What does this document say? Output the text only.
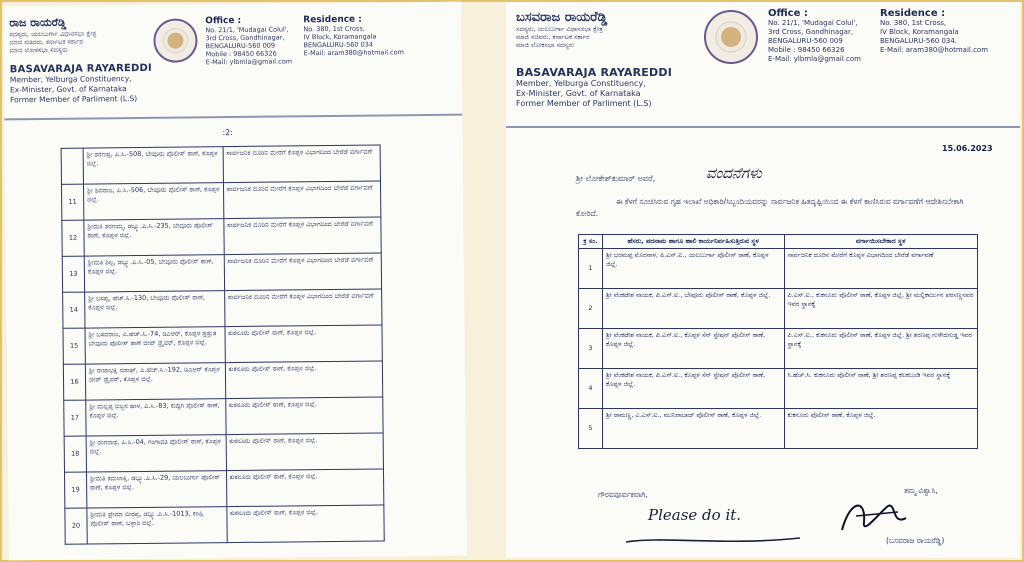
ರಾಜ ರಾಯರೆಡ್ಡಿ
ಸದಸ್ಯರು, ಯಲಬುರ್ಗಾ ವಿಧಾನಸಭಾ ಕ್ಷೇತ್ರ
ಮಾಜಿ ಸಚಿವರು, ಕರ್ನಾಟಕ ಸರ್ಕಾರ
ಮಾಜಿ ಲೋಕಸಭಾ ಸದಸ್ಯರು
BASAVARAJA RAYAREDDI
Member, Yelburga Constituency,
Ex-Minister, Govt. of Karnataka
Former Member of Parliment (L.S)
Office :
No. 21/1, 'Mudagai Colul',
3rd Cross, Gandhinagar,
BENGALURU-560 009
Mobile : 98450 66326
E-Mail: ylbmla@gmail.com
Residence :
No. 380, 1st Cross,
IV Block, Koramangala
BENGALURU-560 034
E-Mail: aram380@hotmail.com
:2:
	ಶ್ರೀ ಶರಣಪ್ಪ, ಪಿ.ಸಿ.-508, ಬೇವೂರು ಪೊಲೀಸ್ ಠಾಣೆ, ಕೊಪ್ಪಳ ಜಿಲ್ಲೆ.	ಸಾರ್ವಜನಿಕ ದೂರಿನ ಮೇರೆಗೆ ಕೊಪ್ಪಳ ವಿಭಾಗದಿಂದ ಬೇರೆಡೆ ವರ್ಗಾವಣೆ
11	ಶ್ರೀ ಶಿವರಾಜ, ಪಿ.ಸಿ.-506, ಬೇವೂರು ಪೊಲೀಸ್ ಠಾಣೆ, ಕೊಪ್ಪಳ ಜಿಲ್ಲೆ.	ಸಾರ್ವಜನಿಕ ದೂರಿನ ಮೇರೆಗೆ ಕೊಪ್ಪಳ ವಿಭಾಗದಿಂದ ಬೇರೆಡೆ ವರ್ಗಾವಣೆ
12	ಶ್ರೀಮತಿ ಶರಣಮ್ಮ, ಡಬ್ಲ್ಯು.ಪಿ.ಸಿ.-235, ಬೇವೂರು ಪೊಲೀಸ್ ಠಾಣೆ, ಕೊಪ್ಪಳ ಜಿಲ್ಲೆ.	ಸಾರ್ವಜನಿಕ ದೂರಿನ ಮೇರೆಗೆ ಕೊಪ್ಪಳ ವಿಭಾಗದಿಂದ ಬೇರೆಡೆ ವರ್ಗಾವಣೆ
13	ಶ್ರೀಮತಿ ಶಿಲ್ಪ, ಡಬ್ಲ್ಯು.ಪಿ.ಸಿ.-05, ಬೇವೂರು ಪೊಲೀಸ್ ಠಾಣೆ, ಕೊಪ್ಪಳ ಜಿಲ್ಲೆ.	ಸಾರ್ವಜನಿಕ ದೂರಿನ ಮೇರೆಗೆ ಕೊಪ್ಪಳ ವಿಭಾಗದಿಂದ ಬೇರೆಡೆ ವರ್ಗಾವಣೆ
14	ಶ್ರೀ ಬಸಪ್ಪ, ಹೆಚ್.ಸಿ.-130, ಬೇವೂರು ಪೊಲೀಸ್ ಠಾಣೆ, ಕೊಪ್ಪಳ ಜಿಲ್ಲೆ.	ಸಾರ್ವಜನಿಕ ದೂರಿನ ಮೇರೆಗೆ ಕೊಪ್ಪಳ ವಿಭಾಗದಿಂದ ಬೇರೆಡೆ ವರ್ಗಾವಣೆ
15	ಶ್ರೀ ಬಸವರಾಜ, ಎ.ಹೆಚ್.ಸಿ.-74, ಡಿಎಆರ್, ಕೊಪ್ಪಳ ಪ್ರಸ್ತುತ ಬೇವೂರು ಪೊಲೀಸ್ ಠಾಣೆ ಜೀಪ್ ಡ್ರೈವರ್, ಕೊಪ್ಪಳ ಜಿಲ್ಲೆ.	ಕುಕನೂರು ಪೊಲೀಸ್ ಠಾಣೆ, ಕೊಪ್ಪಳ ಜಿಲ್ಲೆ.
16	ಶ್ರೀ ರಾಜಾಭಕ್ಷಿ ನದಾಫ್, ಎ.ಹೆಚ್.ಸಿ.-192, ಡಿಎಆರ್ ಕೊಪ್ಪಳ ಜೀಪ್ ಡ್ರೈವರ್, ಕೊಪ್ಪಳ ಜಿಲ್ಲೆ.	ಕುಕನೂರು ಪೊಲೀಸ್ ಠಾಣೆ, ಕೊಪ್ಪಳ ಜಿಲ್ಲೆ.
17	ಶ್ರೀ ಮಲ್ಲಪ್ಪ ಬಿಜ್ಜನ ಹಾಳ, ಪಿ.ಸಿ.-83, ಕುಷ್ಟಗಿ ಪೊಲೀಸ್ ಠಾಣೆ, ಕೊಪ್ಪಳ ಜಿಲ್ಲೆ.	ಕುಕನೂರು ಪೊಲೀಸ್ ಠಾಣೆ, ಕೊಪ್ಪಳ ಜಿಲ್ಲೆ.
18	ಶ್ರೀ ರಂಗನಾಥ, ಪಿ.ಸಿ.-04, ಗಂಗಾವತಿ ಪೊಲೀಸ್ ಠಾಣೆ, ಕೊಪ್ಪಳ ಜಿಲ್ಲೆ.	ಕುಕನೂರು ಪೊಲೀಸ್ ಠಾಣೆ, ಕೊಪ್ಪಳ ಜಿಲ್ಲೆ.
19	ಶ್ರೀಮತಿ ಕಮಲಾಕ್ಷಿ, ಡಬ್ಲ್ಯು.ಪಿ.ಸಿ.-29, ಯಲಬುರ್ಗಾ ಪೊಲೀಸ್ ಠಾಣೆ, ಕೊಪ್ಪಳ ಜಿಲ್ಲೆ.	ಕುಕನೂರು ಪೊಲೀಸ್ ಠಾಣೆ, ಕೊಪ್ಪಳ ಜಿಲ್ಲೆ.
20	ಶ್ರೀಮತಿ ಪ್ರೇಮಾ ಬೀರಪ್ಪ, ಡಬ್ಲ್ಯು.ಪಿ.ಸಿ.-1013, ಕಂಪ್ಲಿ ಪೊಲೀಸ್ ಠಾಣೆ, ಬಳ್ಳಾರಿ ಜಿಲ್ಲೆ.	ಕುಕನೂರು ಪೊಲೀಸ್ ಠಾಣೆ, ಕೊಪ್ಪಳ ಜಿಲ್ಲೆ.
ಬಸವರಾಜ ರಾಯರೆಡ್ಡಿ
ಸದಸ್ಯರು, ಯಲಬುರ್ಗಾ ವಿಧಾನಸಭಾ ಕ್ಷೇತ್ರ
ಮಾಜಿ ಸಚಿವರು, ಕರ್ನಾಟಕ ಸರ್ಕಾರ
ಮಾಜಿ ಲೋಕಸಭಾ ಸದಸ್ಯರು
BASAVARAJA RAYAREDDI
Member, Yelburga Constituency,
Ex-Minister, Govt. of Karnataka
Former Member of Parliment (L.S)
Office :
No. 21/1, 'Mudagai Colul',
3rd Cross, Gandhinagar,
BENGALURU-560 009
Mobile : 98450 66326
E-Mail: ylbmla@gmail.com
Residence :
No. 380, 1st Cross,
IV Block, Koramangala
BENGALURU-560 034.
E-Mail: aram380@hotmail.com
15.06.2023
ಶ್ರೀ ಲೋಕೇಶ್‌ಕುಮಾರ್ ಅವರೆ,	ವಂದನೆಗಳು
ಈ ಕೆಳಗೆ ಸೂಚಿಸಿರುವ ಗೃಹ ಇಲಾಖೆ ಅಧಿಕಾರಿ/ಸಿಬ್ಬಂದಿಯವರನ್ನು ಸಾರ್ವಜನಿಕ ಹಿತದೃಷ್ಟಿಯಿಂದ ಈ ಕೆಳಗೆ ಕಾಣಿಸಿರುವ ವರ್ಗಾವಣೆಗೆ ಆದೇಶಿಸಬೇಕಾಗಿ ಕೋರಿದೆ.
ಕ್ರ ಸಂ.	ಹೆಸರು, ಪದನಾಮ ಹಾಗೂ ಹಾಲಿ ಕಾರ್ಯನಿರ್ವಹಿಸುತ್ತಿರುವ ಸ್ಥಳ	ವರ್ಗಾಯಿಸಬೇಕಾದ ಸ್ಥಳ
1	ಶ್ರೀ ಭರಮಪ್ಪ ಮೊರನಾಳ, ಪಿ.ಎಸ್.ಐ., ಯಲಬುರ್ಗಾ ಪೊಲೀಸ್ ಠಾಣೆ, ಕೊಪ್ಪಳ ಜಿಲ್ಲೆ.	ಸಾರ್ವಜನಿಕ ದೂರಿನ ಮೇರೆಗೆ ಕೊಪ್ಪಳ ವಿಭಾಗದಿಂದ ಬೇರೆಡೆ ವರ್ಗಾವಣೆ
2	ಶ್ರೀ ವೆಂಕಟೇಶ ನಾಯಕ, ಪಿ.ಎಸ್.ಐ., ಬೇವೂರು ಪೊಲೀಸ್ ಠಾಣೆ, ಕೊಪ್ಪಳ ಜಿಲ್ಲೆ.	ಪಿ.ಎಸ್.ಐ., ಕುಕನೂರು ಪೊಲೀಸ್ ಠಾಣೆ, ಕೊಪ್ಪಳ ಜಿಲ್ಲೆ, ಶ್ರೀ ಮಲ್ಲಿಕಾರ್ಜುನ ಪರಸಣ್ಣನವರ ಇವರ ಸ್ಥಾನಕ್ಕೆ
3	ಶ್ರೀ ವೆಂಕಟೇಶ ನಾಯಕ, ಪಿ.ಎಸ್.ಐ., ಕೊಪ್ಪಳ ಸೆನ್ ಸ್ಟೇಷನ್ ಪೊಲೀಸ್ ಠಾಣೆ, ಕೊಪ್ಪಳ ಜಿಲ್ಲೆ.	ಪಿ.ಎಸ್.ಐ., ಕುಕನೂರು ಪೊಲೀಸ್ ಠಾಣೆ, ಕೊಪ್ಪಳ ಜಿಲ್ಲೆ. ಶ್ರೀ ಶರಣಪ್ಪ ಗುಳೇದಗುಡ್ಡ ಇವರ ಸ್ಥಾನಕ್ಕೆ
4	ಶ್ರೀ ವೆಂಕಟೇಶ ನಾಯಕ, ಪಿ.ಎಸ್.ಐ., ಕೊಪ್ಪಳ ಸೆನ್ ಸ್ಟೇಷನ್ ಪೊಲೀಸ್ ಠಾಣೆ, ಕೊಪ್ಪಳ ಜಿಲ್ಲೆ.	ಸಿ.ಹೆಚ್.ಸಿ. ಕುಕನೂರು ಪೊಲೀಸ್ ಠಾಣೆ, ಶ್ರೀ ಶರಣಪ್ಪ ಕಲಕಬಂಡಿ ಇವರ ಸ್ಥಾನಕ್ಕೆ
5	ಶ್ರೀ ರಾಮಣ್ಣ, ಎ.ಎಸ್.ಐ., ಮುನಿರಾಬಾದ್ ಪೊಲೀಸ್ ಠಾಣೆ, ಕೊಪ್ಪಳ ಜಿಲ್ಲೆ.	ಕುಕನೂರು ಪೊಲೀಸ್ ಠಾಣೆ, ಕೊಪ್ಪಳ ಜಿಲ್ಲೆ.
ಗೌರವಪೂರ್ವಕವಾಗಿ,
Please do it.
ತಮ್ಮ ವಿಶ್ವಾಸಿ,
(ಬಸವರಾಜ ರಾಯರೆಡ್ಡಿ)
